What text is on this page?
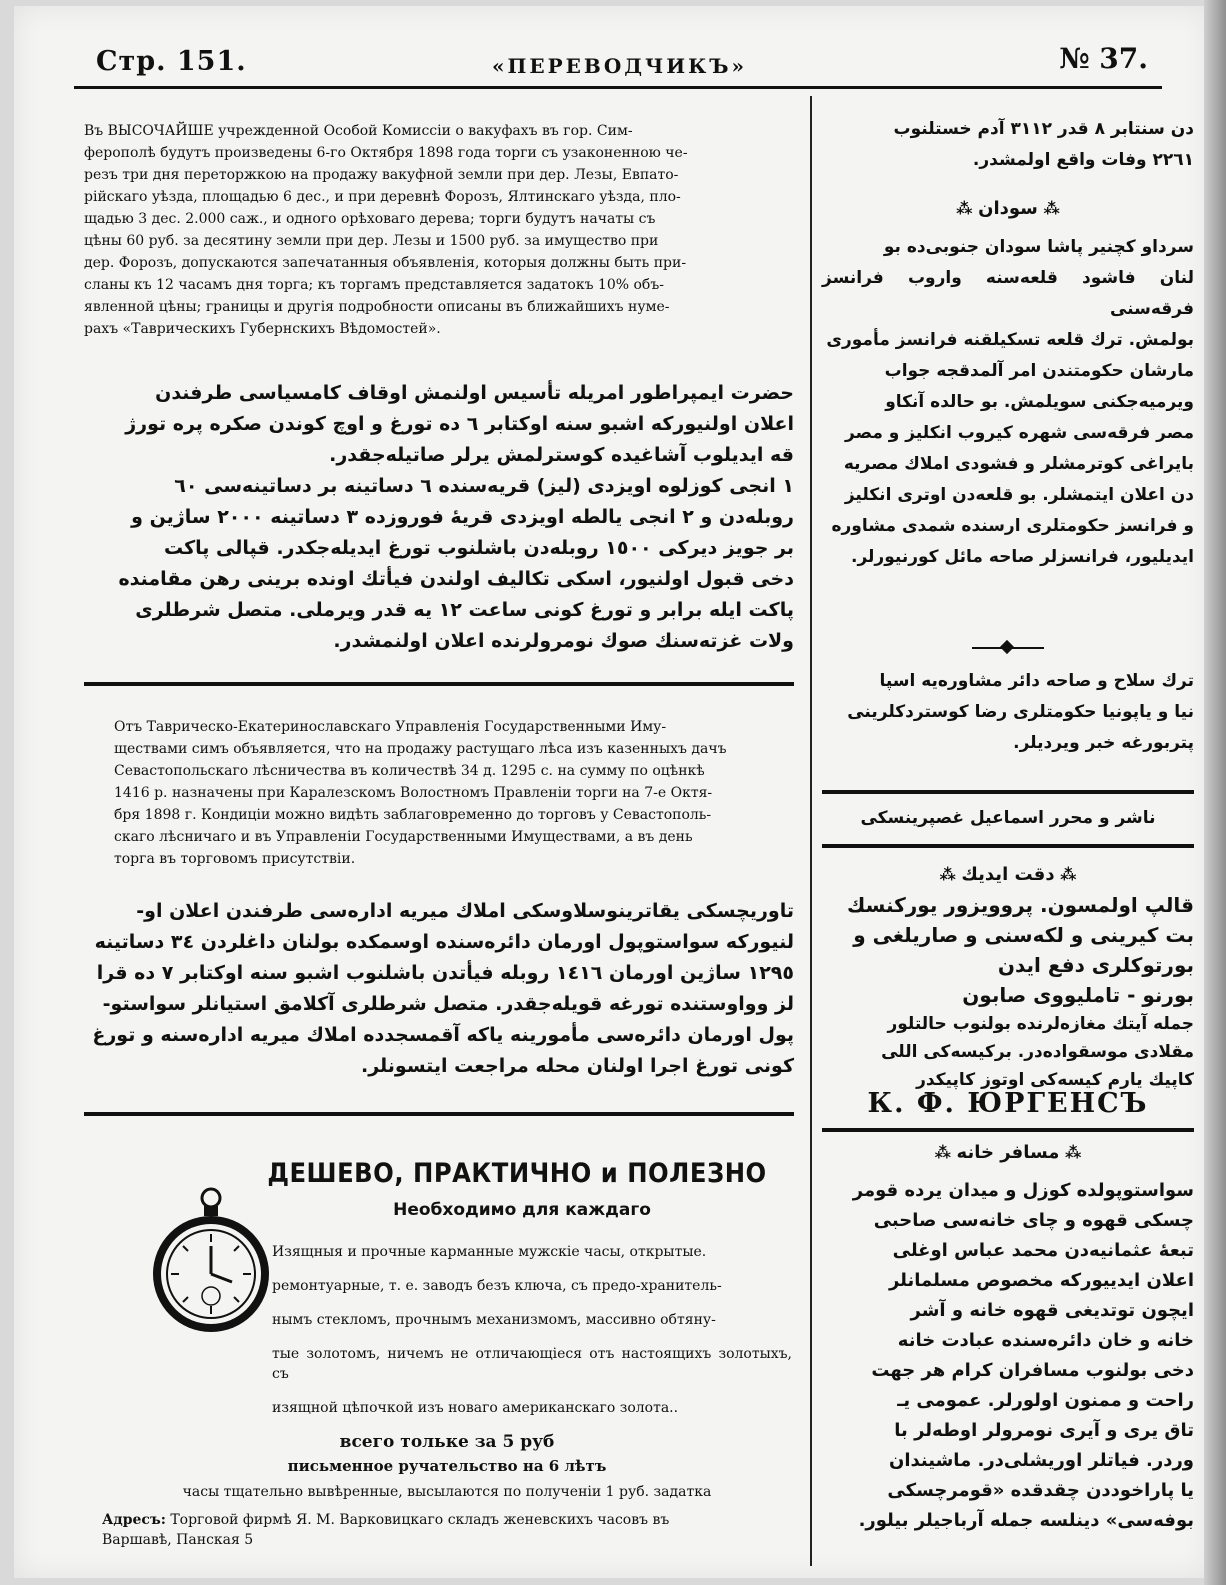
Стр. 151.	«ПЕРЕВОДЧИКЪ»	№ 37.

Въ ВЫСОЧАЙШЕ учрежденной Особой Комиссіи о вакуфахъ въ гор. Сим-

ферополѣ будутъ произведены 6-го Октября 1898 года торги съ узаконенною че-

резъ три дня переторжкою на продажу вакуфной земли при дер. Лезы, Евпато-

рійскаго уѣзда, площадью 6 дес., и при деревнѣ Форозъ, Ялтинскаго уѣзда, пло-

щадью 3 дес. 2.000 саж., и одного орѣховаго дерева; торги будутъ начаты съ

цѣны 60 руб. за десятину земли при дер. Лезы и 1500 руб. за имущество при

дер. Форозъ, допускаются запечатанныя объявленія, которыя должны быть при-

сланы къ 12 часамъ дня торга; къ торгамъ представляется задатокъ 10% объ-

явленной цѣны; границы и другія подробности описаны въ ближайшихъ нумe-

рахъ «Таврическихъ Губернскихъ Вѣдомостей».

حضرت ایمپراطور امریله تأسیس اولنمش اوقاف کامسیاسی طرفندن

اعلان اولنیورکه اشبو سنه اوکتابر ٦ ده تورغ و اوچ کوندن صکره پره تورژ

قه ایدیلوب آشاغیده کوسترلمش یرلر صاتیله‌جقدر.

١ انجی کوزلوه اویزدی (لیز) قریه‌سنده ٦ دساتینه بر دساتینه‌سی ٦٠

روبله‌دن و ٢ انجی یالطه اویزدی قریهٔ فوروزده ٣ دساتینه ٢٠٠٠ ساژین و

بر جویز دیرکی ١٥٠٠ روبله‌دن باشلنوب تورغ ایدیله‌جکدر. قپالی پاکت

دخی قبول اولنیور، اسکی تکالیف اولندن فیأتك اونده برینی رهن مقامنده

پاکت ایله برابر و تورغ کونی ساعت ١٢ یه قدر ویرملی. متصل شرطلری

ولات غزته‌سنك صوك نومرولرنده اعلان اولنمشدر.

Отъ Таврическо-Екатеринославскаго Управленія Государственными Иму-

ществами симъ объявляется, что на продажу растущаго лѣса изъ казенныхъ дачъ

Севастопольскаго лѣсничества въ количествѣ 34 д. 1295 с. на сумму по оцѣнкѣ

1416 р. назначены при Каралезскомъ Волостномъ Правленіи торги на 7-е Октя-

бря 1898 г. Кондиціи можно видѣть заблаговременно до торговъ у Севастополь-

скаго лѣсничаго и въ Управленіи Государственными Имуществами, а въ день

торга въ торговомъ присутствіи.

تاوریچسکی یقاترینوسلاوسکی املاك میریه اداره‌سی طرفندن اعلان او-

لنیورکه سواستوپول اورمان دائره‌سنده اوسمکده بولنان داغلردن ٣٤ دساتینه

١٢٩٥ ساژین اورمان ١٤١٦ روبله فیأتدن باشلنوب اشبو سنه اوکتابر ٧ ده قرا

لز وواوستنده تورغه قویله‌جقدر. متصل شرطلری آکلامق استیانلر سواستو-

پول اورمان دائره‌سی مأمورینه یاکه آقمسجدده املاك میریه اداره‌سنه و تورغ

کونی تورغ اجرا اولنان محله مراجعت ایتسونلر.

ДЕШЕВО, ПРАКТИЧНО и ПОЛЕЗНО
Необходимо для каждаго

Изящныя и прочные карманные мужскіе часы, открытые.

ремонтуарные, т. е. заводъ безъ ключа, съ предо-хранитель-

нымъ стекломъ, прочнымъ механизмомъ, массивно обтяну-

тые золотомъ, ничемъ не отличающіеся отъ настоящихъ золотыхъ, съ

изящной цѣпочкой изъ новаго американскаго золота..

всего тольке за 5 руб
письменное ручательство на 6 лѣтъ
часы тщательно вывѣренные, высылаются по полученіи 1 руб. задатка
Адресъ: Торговой фирмѣ Я. М. Варковицкаго складъ женевскихъ часовъ въ
Варшавѣ, Панская 5

دن سنتابر ٨ قدر ٣١١٢ آدم خستلنوب

٢٢٦١ وفات واقع اولمشدر.

⁂ سودان ⁂

سرداو کچنیر پاشا سودان جنوبی‌ده بو

لنان فاشود قلعه‌سنه واروب فرانسز فرقه‌سنی

بولمش. ترك قلعه تسکیلقنه فرانسز مأموری

مارشان حکومتندن امر آلمدقجه جواب

ویرمیه‌جکنی سویلمش. بو حالده آنکاو

مصر فرقه‌سی شهره کیروب انکلیز و مصر

بایراغی کوترمشلر و فشودی املاك مصریه

دن اعلان ایتمشلر. بو قلعه‌دن اوتری انکلیز

و فرانسز حکومتلری ارسنده شمدی مشاوره

ایدیلیور، فرانسزلر صاحه مائل کورنیورلر.

ترك سلاح و صاحه دائر مشاوره‌یه اسپا

نیا و یاپونیا حکومتلری رضا کوستردکلرینی

پتربورغه خبر ویردیلر.

ناشر و محرر اسماعیل غصپرینسکی
⁂ دقت ایدیك ⁂

قالپ اولمسون. پروویزور یورکنسك

بت کیرینی و لکه‌سنی و صاریلغی و

بورتوکلری دفع ایدن

بورنو - تاملیووی صابون

جمله آیتك مغازه‌لرنده بولنوب حالتلور

مقلادی موسقواده‌در. برکیسه‌کی اللی

کاپیك یارم کیسه‌کی اوتوز کاپیکدر

К. Ф. ЮРГЕНСЪ
⁂ مسافر خانه ⁂

سواستوپولده کوزل و میدان یرده قومر

چسکی قهوه و چای خانه‌سی صاحبی

تبعهٔ عثمانیه‌دن محمد عباس اوغلی

اعلان ایدییورکه مخصوص مسلمانلر

ایچون توتدیغی قهوه خانه و آشر

خانه و خان دائره‌سنده عبادت خانه

دخی بولنوب مسافران کرام هر جهت

راحت و ممنون اولورلر. عمومی یـ

تاق یری و آیری نومرولر اوطه‌لر با

وردر. فیاتلر اوریشلی‌در. ماشیندان

یا پاراخوددن چقدقده «قومرچسکی

بوفه‌سی» دینلسه جمله آرباجیلر بیلور.
